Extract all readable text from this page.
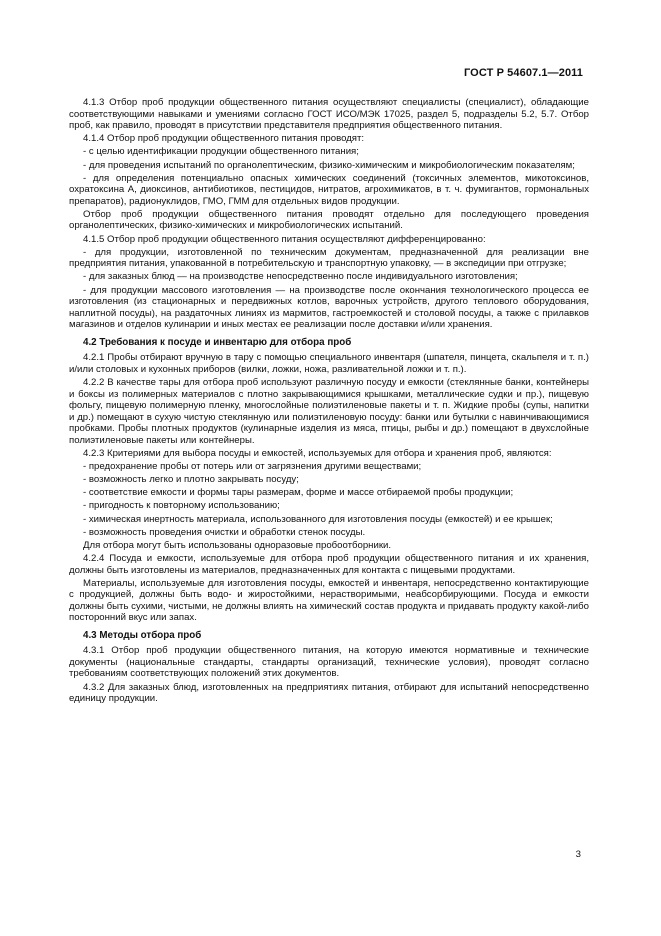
ГОСТ Р 54607.1—2011
4.1.3 Отбор проб продукции общественного питания осуществляют специалисты (специалист), обладающие соответствующими навыками и умениями согласно ГОСТ ИСО/МЭК 17025, раздел 5, подразделы 5.2, 5.7. Отбор проб, как правило, проводят в присутствии представителя предприятия общественного питания.
4.1.4 Отбор проб продукции общественного питания проводят:
- с целью идентификации продукции общественного питания;
- для проведения испытаний по органолептическим, физико-химическим и микробиологическим показателям;
- для определения потенциально опасных химических соединений (токсичных элементов, микотоксинов, охратоксина А, диоксинов, антибиотиков, пестицидов, нитратов, агрохимикатов, в т. ч. фумигантов, гормональных препаратов), радионуклидов, ГМО, ГММ для отдельных видов продукции.
Отбор проб продукции общественного питания проводят отдельно для последующего проведения органолептических, физико-химических и микробиологических испытаний.
4.1.5 Отбор проб продукции общественного питания осуществляют дифференцированно:
- для продукции, изготовленной по техническим документам, предназначенной для реализации вне предприятия питания, упакованной в потребительскую и транспортную упаковку, — в экспедиции при отгрузке;
- для заказных блюд — на производстве непосредственно после индивидуального изготовления;
- для продукции массового изготовления — на производстве после окончания технологического процесса ее изготовления (из стационарных и передвижных котлов, варочных устройств, другого теплового оборудования, наплитной посуды), на раздаточных линиях из мармитов, гастроемкостей и столовой посуды, а также с прилавков магазинов и отделов кулинарии и иных местах ее реализации после доставки и/или хранения.
4.2 Требования к посуде и инвентарю для отбора проб
4.2.1 Пробы отбирают вручную в тару с помощью специального инвентаря (шпателя, пинцета, скальпеля и т. п.) и/или столовых и кухонных приборов (вилки, ложки, ножа, разливательной ложки и т. п.).
4.2.2 В качестве тары для отбора проб используют различную посуду и емкости (стеклянные банки, контейнеры и боксы из полимерных материалов с плотно закрывающимися крышками, металлические судки и пр.), пищевую фольгу, пищевую полимерную пленку, многослойные полиэтиленовые пакеты и т. п. Жидкие пробы (супы, напитки и др.) помещают в сухую чистую стеклянную или полиэтиленовую посуду: банки или бутылки с навинчивающимися пробками. Пробы плотных продуктов (кулинарные изделия из мяса, птицы, рыбы и др.) помещают в двухслойные полиэтиленовые пакеты или контейнеры.
4.2.3 Критериями для выбора посуды и емкостей, используемых для отбора и хранения проб, являются:
- предохранение пробы от потерь или от загрязнения другими веществами;
- возможность легко и плотно закрывать посуду;
- соответствие емкости и формы тары размерам, форме и массе отбираемой пробы продукции;
- пригодность к повторному использованию;
- химическая инертность материала, использованного для изготовления посуды (емкостей) и ее крышек;
- возможность проведения очистки и обработки стенок посуды.
Для отбора могут быть использованы одноразовые пробоотборники.
4.2.4 Посуда и емкости, используемые для отбора проб продукции общественного питания и их хранения, должны быть изготовлены из материалов, предназначенных для контакта с пищевыми продуктами.
Материалы, используемые для изготовления посуды, емкостей и инвентаря, непосредственно контактирующие с продукцией, должны быть водо- и жиростойкими, нерастворимыми, неабсорбирующими. Посуда и емкости должны быть сухими, чистыми, не должны влиять на химический состав продукта и придавать продукту какой-либо посторонний вкус или запах.
4.3 Методы отбора проб
4.3.1 Отбор проб продукции общественного питания, на которую имеются нормативные и технические документы (национальные стандарты, стандарты организаций, технические условия), проводят согласно требованиям соответствующих положений этих документов.
4.3.2 Для заказных блюд, изготовленных на предприятиях питания, отбирают для испытаний непосредственно единицу продукции.
3
